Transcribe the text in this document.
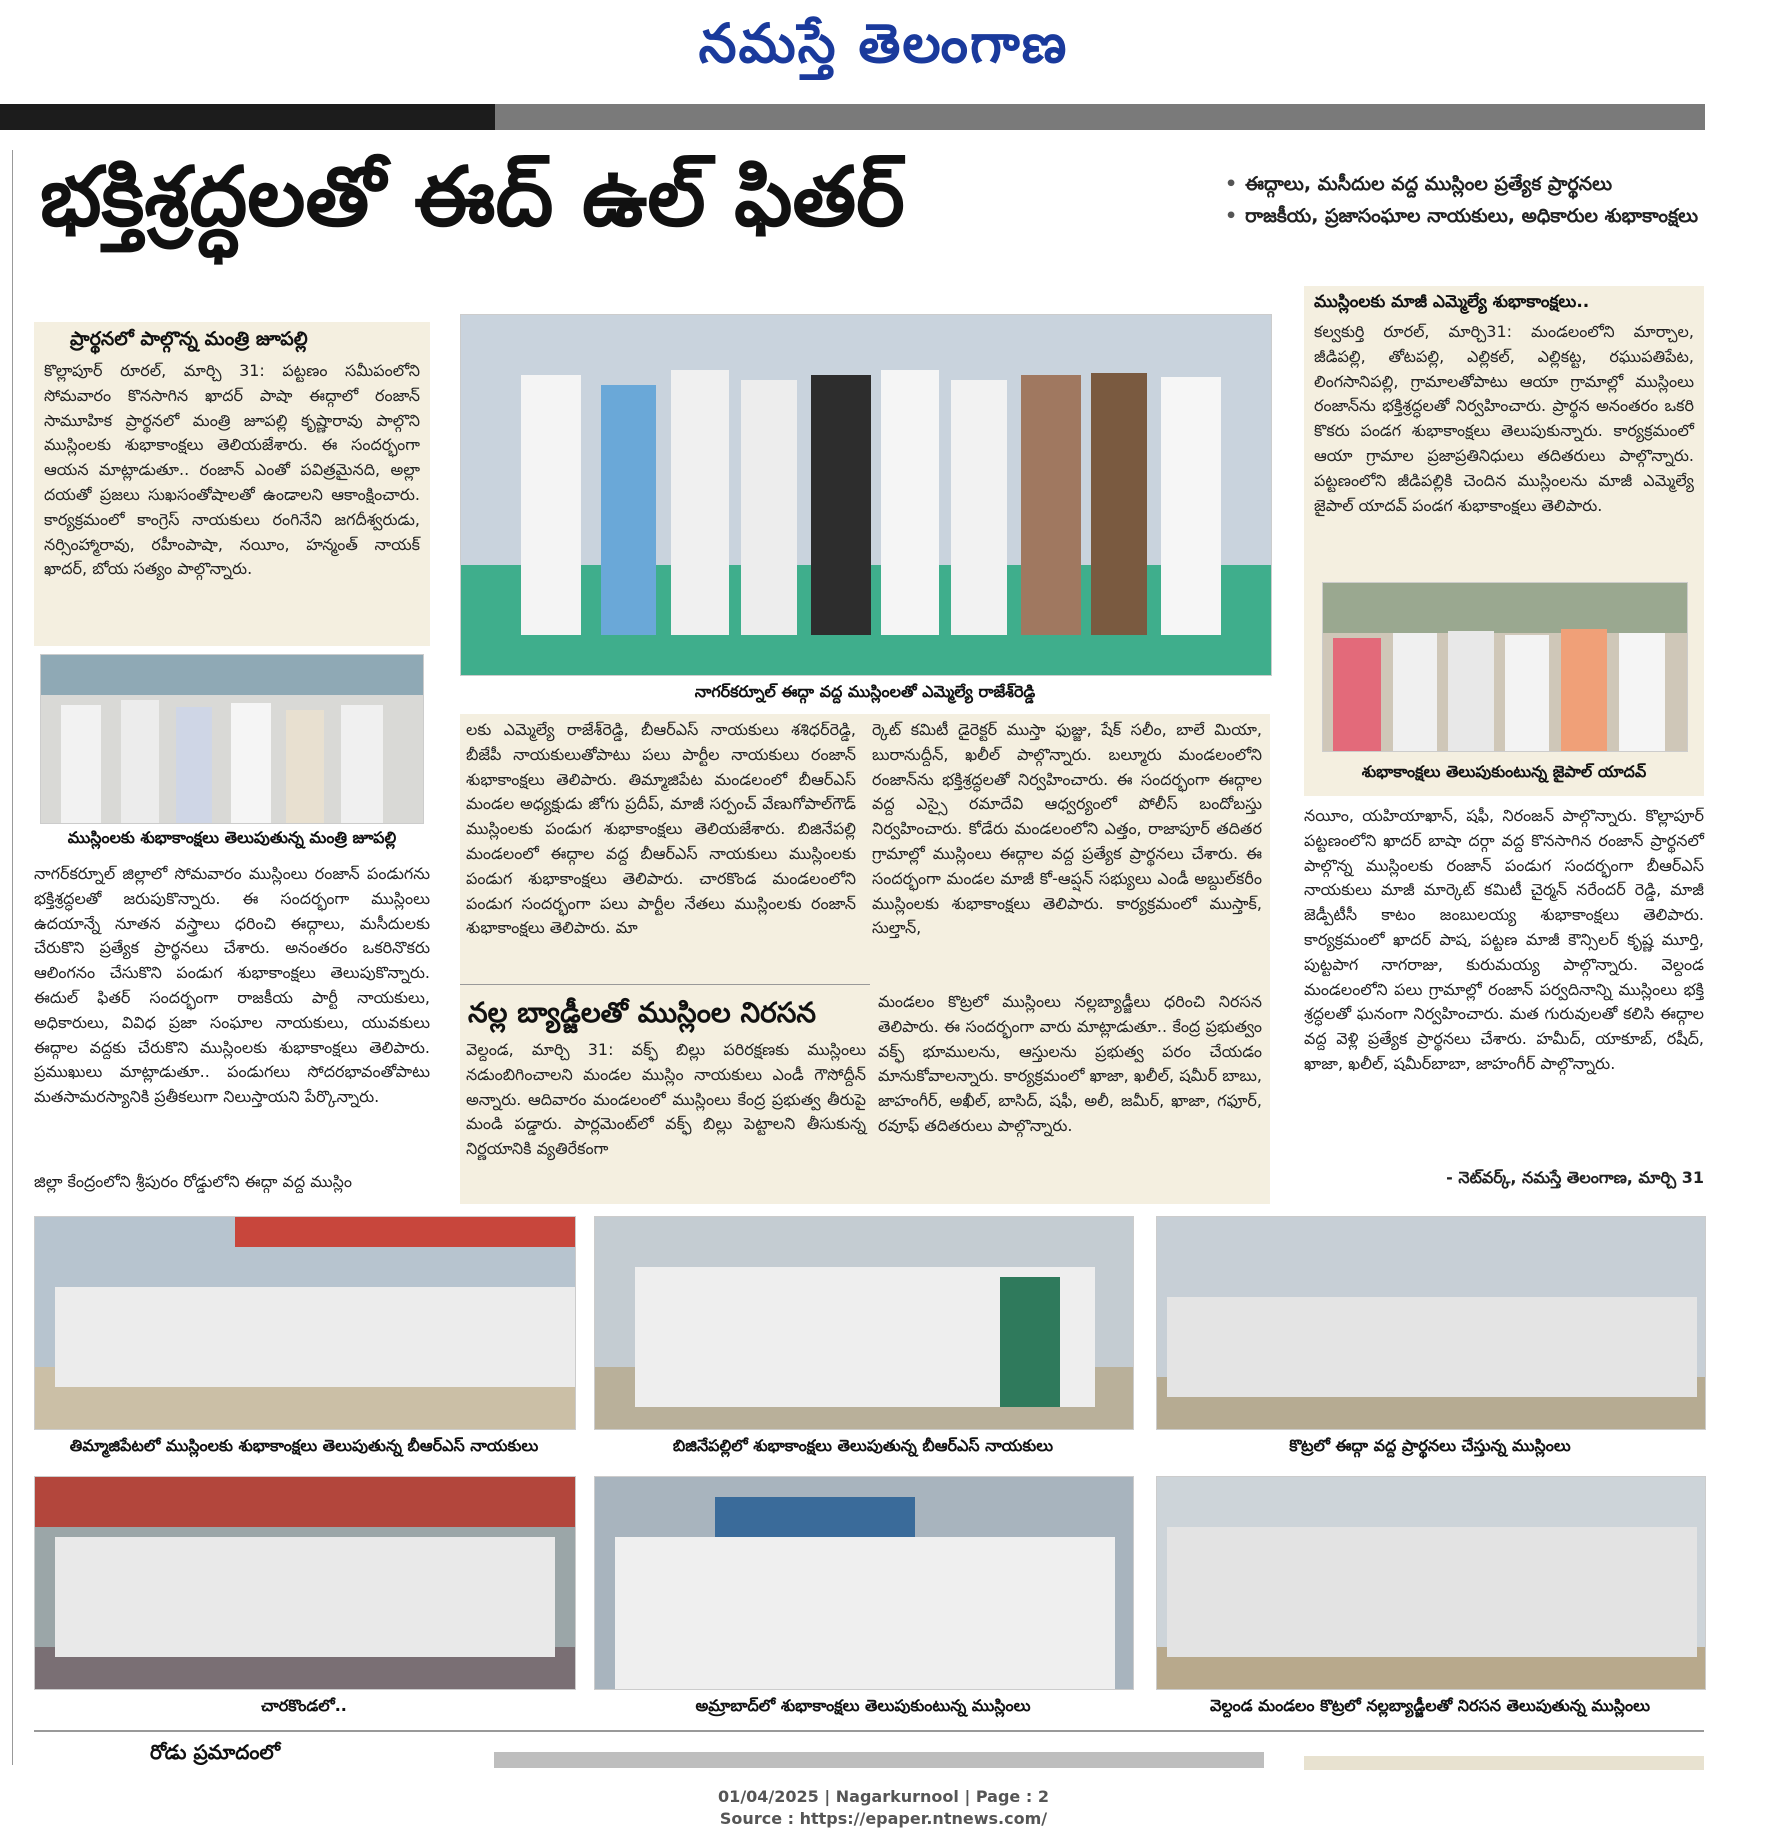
నమస్తే తెలంగాణ
భక్తిశ్రద్ధలతో ఈద్ ఉల్ ఫితర్	• ఈద్గాలు, మసీదుల వద్ద ముస్లింల ప్రత్యేక ప్రార్థనలు
• రాజకీయ, ప్రజాసంఘాల నాయకులు, అధికారుల శుభాకాంక్షలు
ప్రార్థనలో పాల్గొన్న మంత్రి జూపల్లి
కొల్లాపూర్ రూరల్, మార్చి 31: పట్టణం సమీపంలోని సోమవారం కొనసాగిన ఖాదర్ పాషా ఈద్గాలో రంజాన్ సామూహిక ప్రార్థనలో మంత్రి జూపల్లి కృష్ణారావు పాల్గొని ముస్లింలకు శుభాకాంక్షలు తెలియజేశారు. ఈ సందర్భంగా ఆయన మాట్లాడుతూ.. రంజాన్ ఎంతో పవిత్రమైనది, అల్లా దయతో ప్రజలు సుఖసంతోషాలతో ఉండాలని ఆకాంక్షించారు. కార్యక్రమంలో కాంగ్రెస్ నాయకులు రంగినేని జగదీశ్వరుడు, నర్సింహ్మారావు, రహీంపాషా, నయీం, హన్మంత్ నాయక్ ఖాదర్, బోయ సత్యం పాల్గొన్నారు.
ముస్లింలకు శుభాకాంక్షలు తెలుపుతున్న మంత్రి జూపల్లి
నాగర్‌కర్నూల్ జిల్లాలో సోమవారం ముస్లింలు రంజాన్ పండుగను భక్తిశ్రద్ధలతో జరుపుకొన్నారు. ఈ సందర్భంగా ముస్లింలు ఉదయాన్నే నూతన వస్త్రాలు ధరించి ఈద్గాలు, మసీదులకు చేరుకొని ప్రత్యేక ప్రార్థనలు చేశారు. అనంతరం ఒకరినొకరు ఆలింగనం చేసుకొని పండుగ శుభాకాంక్షలు తెలుపుకొన్నారు. ఈదుల్ ఫితర్ సందర్భంగా రాజకీయ పార్టీ నాయకులు, అధికారులు, వివిధ ప్రజా సంఘాల నాయకులు, యువకులు ఈద్గాల వద్దకు చేరుకొని ముస్లింలకు శుభాకాంక్షలు తెలిపారు. ప్రముఖులు మాట్లాడుతూ.. పండుగలు సోదరభావంతోపాటు మతసామరస్యానికి ప్రతీకలుగా నిలుస్తాయని పేర్కొన్నారు.
జిల్లా కేంద్రంలోని శ్రీపురం రోడ్డులోని ఈద్గా వద్ద ముస్లిం
నాగర్‌కర్నూల్ ఈద్గా వద్ద ముస్లింలతో ఎమ్మెల్యే రాజేశ్‌రెడ్డి
లకు ఎమ్మెల్యే రాజేశ్‌రెడ్డి, బీఆర్‌ఎస్ నాయకులు శశిధర్‌రెడ్డి, బీజేపీ నాయకులుతోపాటు పలు పార్టీల నాయకులు రంజాన్ శుభాకాంక్షలు తెలిపారు. తిమ్మాజిపేట మండలంలో బీఆర్‌ఎస్ మండల అధ్యక్షుడు జోగు ప్రదీప్, మాజీ సర్పంచ్ వేణుగోపాల్‌గౌడ్ ముస్లింలకు పండుగ శుభాకాంక్షలు తెలియజేశారు. బిజినేపల్లి మండలంలో ఈద్గాల వద్ద బీఆర్‌ఎస్ నాయకులు ముస్లింలకు పండుగ శుభాకాంక్షలు తెలిపారు. చారకొండ మండలంలోని పండుగ సందర్భంగా పలు పార్టీల నేతలు ముస్లింలకు రంజాన్ శుభాకాంక్షలు తెలిపారు. మా
ర్కెట్ కమిటీ డైరెక్టర్ ముస్తా ఫుజ్జు, షేక్ సలీం, బాలే మియా, బురానుద్దీన్, ఖలీల్ పాల్గొన్నారు. బల్మూరు మండలంలోని రంజాన్‌ను భక్తిశ్రద్ధలతో నిర్వహించారు. ఈ సందర్భంగా ఈద్గాల వద్ద ఎస్సై రమాదేవి ఆధ్వర్యంలో పోలీస్ బందోబస్తు నిర్వహించారు. కోడేరు మండలంలోని ఎత్తం, రాజాపూర్ తదితర గ్రామాల్లో ముస్లింలు ఈద్గాల వద్ద ప్రత్యేక ప్రార్థనలు చేశారు. ఈ సందర్భంగా మండల మాజీ కో-ఆప్షన్ సభ్యులు ఎండీ అబ్దుల్‌కరీం ముస్లింలకు శుభాకాంక్షలు తెలిపారు. కార్యక్రమంలో ముస్తాక్, సుల్తాన్,
నల్ల బ్యాడ్జీలతో ముస్లింల నిరసన
వెల్దండ, మార్చి 31: వక్ఫ్ బిల్లు పరిరక్షణకు ముస్లింలు నడుంబిగించాలని మండల ముస్లిం నాయకులు ఎండీ గౌసోద్దీన్ అన్నారు. ఆదివారం మండలంలో ముస్లింలు కేంద్ర ప్రభుత్వ తీరుపై మండి పడ్డారు. పార్లమెంట్‌లో వక్ఫ్ బిల్లు పెట్టాలని తీసుకున్న నిర్ణయానికి వ్యతిరేకంగా
మండలం కొట్రలో ముస్లింలు నల్లబ్యాడ్జీలు ధరించి నిరసన తెలిపారు. ఈ సందర్భంగా వారు మాట్లాడుతూ.. కేంద్ర ప్రభుత్వం వక్ఫ్ భూములను, ఆస్తులను ప్రభుత్వ పరం చేయడం మానుకోవాలన్నారు. కార్యక్రమంలో ఖాజా, ఖలీల్, షమీర్ బాబు, జాహంగీర్, అఖీల్, బాసిద్, షఫీ, అలీ, జమీర్, ఖాజా, గఫూర్, రవూఫ్ తదితరులు పాల్గొన్నారు.
ముస్లింలకు మాజీ ఎమ్మెల్యే శుభాకాంక్షలు..
కల్వకుర్తి రూరల్, మార్చి31: మండలంలోని మార్చాల, జీడిపల్లి, తోటపల్లి, ఎల్లికల్, ఎల్లికట్ట, రఘుపతిపేట, లింగసానిపల్లి, గ్రామాలతోపాటు ఆయా గ్రామాల్లో ముస్లింలు రంజాన్‌ను భక్తిశ్రద్ధలతో నిర్వహించారు. ప్రార్థన అనంతరం ఒకరి కొకరు పండగ శుభాకాంక్షలు తెలుపుకున్నారు. కార్యక్రమంలో ఆయా గ్రామాల ప్రజాప్రతినిధులు తదితరులు పాల్గొన్నారు. పట్టణంలోని జీడిపల్లికి చెందిన ముస్లింలను మాజీ ఎమ్మెల్యే జైపాల్ యాదవ్ పండగ శుభాకాంక్షలు తెలిపారు.
శుభాకాంక్షలు తెలుపుకుంటున్న జైపాల్ యాదవ్
నయీం, యహియాఖాన్, షఫీ, నిరంజన్ పాల్గొన్నారు. కొల్లాపూర్ పట్టణంలోని ఖాదర్ బాషా దర్గా వద్ద కొనసాగిన రంజాన్ ప్రార్థనలో పాల్గొన్న ముస్లింలకు రంజాన్ పండుగ సందర్భంగా బీఆర్‌ఎస్ నాయకులు మాజీ మార్కెట్ కమిటీ చైర్మన్ నరేందర్ రెడ్డి, మాజీ జెడ్పీటీసీ కాటం జంబులయ్య శుభాకాంక్షలు తెలిపారు. కార్యక్రమంలో ఖాదర్ పాష, పట్టణ మాజీ కౌన్సిలర్ కృష్ణ మూర్తి, పుట్టపాగ నాగరాజు, కురుమయ్య పాల్గొన్నారు. వెల్దండ మండలంలోని పలు గ్రామాల్లో రంజాన్ పర్వదినాన్ని ముస్లింలు భక్తి శ్రద్ధలతో ఘనంగా నిర్వహించారు. మత గురువులతో కలిసి ఈద్గాల వద్ద వెళ్లి ప్రత్యేక ప్రార్థనలు చేశారు. హమీద్, యాకూబ్, రషీద్, ఖాజా, ఖలీల్, షమీర్‌బాబా, జాహంగీర్ పాల్గొన్నారు.
- నెట్‌వర్క్, నమస్తే తెలంగాణ, మార్చి 31
తిమ్మాజిపేటలో ముస్లింలకు శుభాకాంక్షలు తెలుపుతున్న బీఆర్‌ఎస్ నాయకులు	బిజినేపల్లిలో శుభాకాంక్షలు తెలుపుతున్న బీఆర్‌ఎస్ నాయకులు	కొట్రలో ఈద్గా వద్ద ప్రార్థనలు చేస్తున్న ముస్లింలు
చారకొండలో..	అమ్రాబాద్‌లో శుభాకాంక్షలు తెలుపుకుంటున్న ముస్లింలు	వెల్దండ మండలం కొట్రలో నల్లబ్యాడ్జీలతో నిరసన తెలుపుతున్న ముస్లింలు
రోడు ప్రమాదంలో
01/04/2025 | Nagarkurnool | Page : 2
Source : https://epaper.ntnews.com/
